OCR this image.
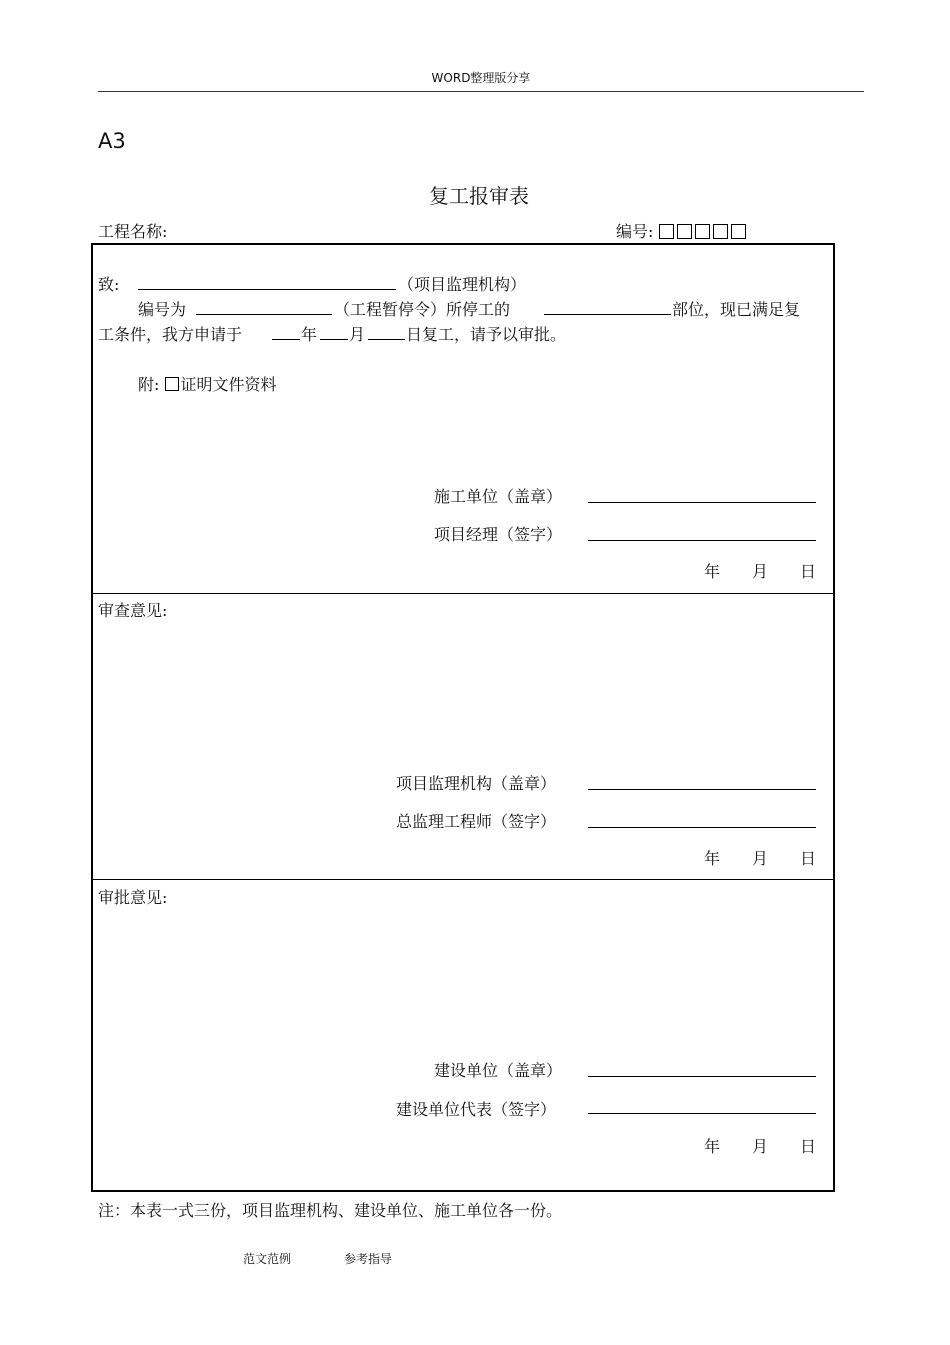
WORD整理版分享
A3
复工报审表
工程名称:	编号:
致:	（项目监理机构）
编号为	（工程暂停令）所停工的	部位，现已满足复
工条件，我方申请于	年 月	日复工，请予以审批。
附: 证明文件资料
施工单位（盖章）
项目经理（签字）
年 月 日
审查意见:
项目监理机构（盖章）
总监理工程师（签字）
年 月 日
审批意见:
建设单位（盖章）
建设单位代表（签字）
年 月 日
注：本表一式三份，项目监理机构、建设单位、施工单位各一份。
范文范例	参考指导
